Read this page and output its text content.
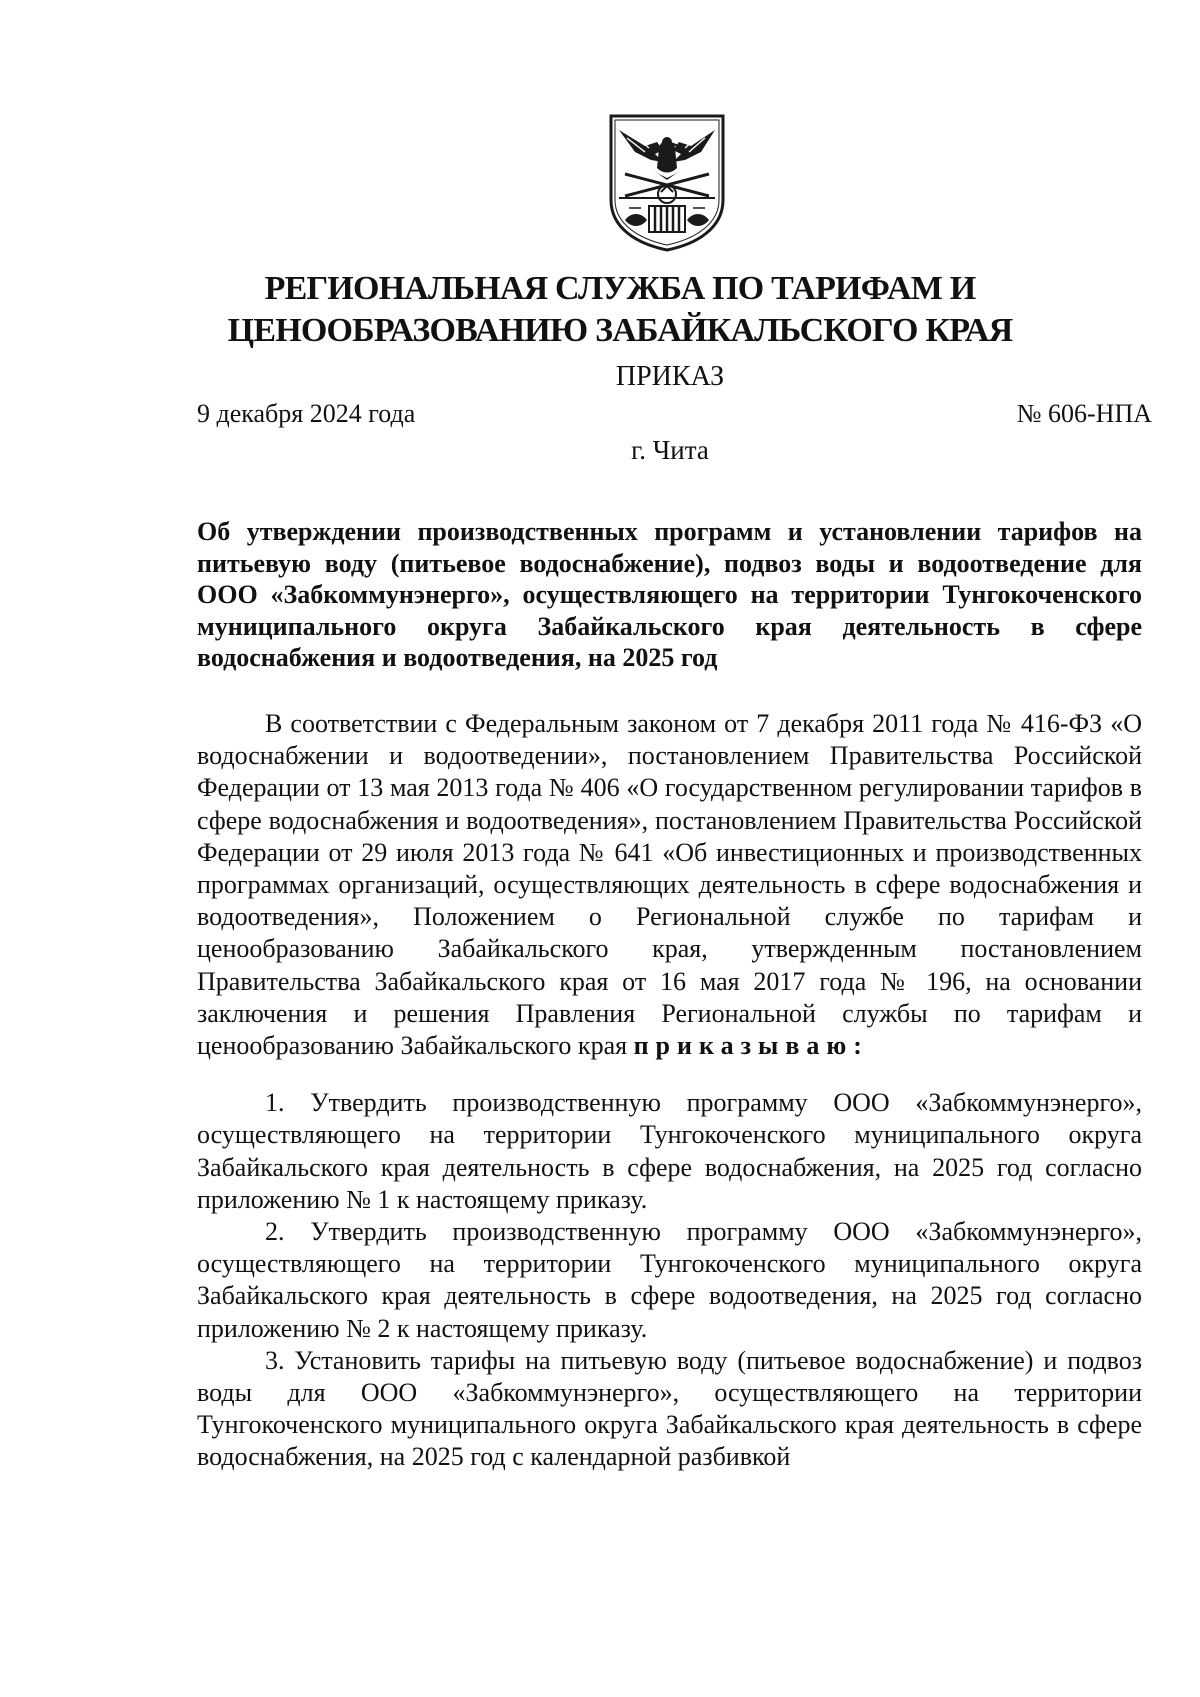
РЕГИОНАЛЬНАЯ СЛУЖБА ПО ТАРИФАМ И
ЦЕНООБРАЗОВАНИЮ ЗАБАЙКАЛЬСКОГО КРАЯ
ПРИКАЗ
9 декабря 2024 года	№ 606-НПА
г. Чита
Об утверждении производственных программ и установлении тарифов на питьевую воду (питьевое водоснабжение), подвоз воды и водоотведение для ООО «Забкоммунэнерго», осуществляющего на территории Тунгокоченского муниципального округа Забайкальского края деятельность в сфере водоснабжения и водоотведения, на 2025 год

В соответствии с Федеральным законом от 7 декабря 2011 года № 416-ФЗ «О водоснабжении и водоотведении», постановлением Правительства Российской Федерации от 13 мая 2013 года № 406 «О государственном регулировании тарифов в сфере водоснабжения и водоотведения», постановлением Правительства Российской Федерации от 29 июля 2013 года № 641 «Об инвестиционных и производственных программах организаций, осуществляющих деятельность в сфере водоснабжения и водоотведения», Положением о Региональной службе по тарифам и ценообразованию Забайкальского края, утвержденным постановлением Правительства Забайкальского края от 16 мая 2017 года № 196, на основании заключения и решения Правления Региональной службы по тарифам и ценообразованию Забайкальского края приказываю:

1. Утвердить производственную программу ООО «Забкоммунэнерго», осуществляющего на территории Тунгокоченского муниципального округа Забайкальского края деятельность в сфере водоснабжения, на 2025 год согласно приложению № 1 к настоящему приказу.

2. Утвердить производственную программу ООО «Забкоммунэнерго», осуществляющего на территории Тунгокоченского муниципального округа Забайкальского края деятельность в сфере водоотведения, на 2025 год согласно приложению № 2 к настоящему приказу.

3. Установить тарифы на питьевую воду (питьевое водоснабжение) и подвоз воды для ООО «Забкоммунэнерго», осуществляющего на территории Тунгокоченского муниципального округа Забайкальского края деятельность в сфере водоснабжения, на 2025 год с календарной разбивкой
